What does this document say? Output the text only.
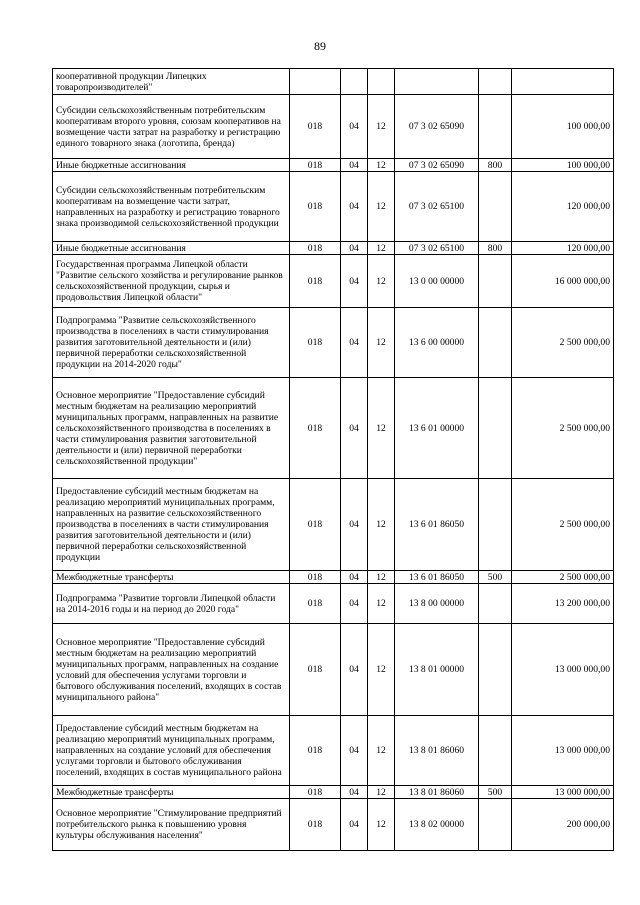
89
кооперативной продукции Липецких товаропроизводителей"						
Субсидии сельскохозяйственным потребительским кооперативам второго уровня, союзам кооперативов на возмещение части затрат на разработку и регистрацию единого товарного знака (логотипа, бренда)	018	04	12	07 3 02 65090		100 000,00
Иные бюджетные ассигнования	018	04	12	07 3 02 65090	800	100 000,00
Субсидии сельскохозяйственным потребительским кооперативам на возмещение части затрат, направленных на разработку и регистрацию товарного знака производимой сельскохозяйственной продукции	018	04	12	07 3 02 65100		120 000,00
Иные бюджетные ассигнования	018	04	12	07 3 02 65100	800	120 000,00
Государственная программа Липецкой области "Развитие сельского хозяйства и регулирование рынков сельскохозяйственной продукции, сырья и продовольствия Липецкой области"	018	04	12	13 0 00 00000		16 000 000,00
Подпрограмма "Развитие сельскохозяйственного производства в поселениях в части стимулирования развития заготовительной деятельности и (или) первичной переработки сельскохозяйственной продукции на 2014-2020 годы"	018	04	12	13 6 00 00000		2 500 000,00
Основное мероприятие "Предоставление субсидий местным бюджетам на реализацию мероприятий муниципальных программ, направленных на развитие сельскохозяйственного производства в поселениях в части стимулирования развития заготовительной деятельности и (или) первичной переработки сельскохозяйственной продукции"	018	04	12	13 6 01 00000		2 500 000,00
Предоставление субсидий местным бюджетам на реализацию мероприятий муниципальных программ, направленных на развитие сельскохозяйственного производства в поселениях в части стимулирования развития заготовительной деятельности и (или) первичной переработки сельскохозяйственной продукции	018	04	12	13 6 01 86050		2 500 000,00
Межбюджетные трансферты	018	04	12	13 6 01 86050	500	2 500 000,00
Подпрограмма "Развитие торговли Липецкой области на 2014-2016 годы и на период до 2020 года"	018	04	12	13 8 00 00000		13 200 000,00
Основное мероприятие "Предоставление субсидий местным бюджетам на реализацию мероприятий муниципальных программ, направленных на создание условий для обеспечения услугами торговли и бытового обслуживания поселений, входящих в состав муниципального района"	018	04	12	13 8 01 00000		13 000 000,00
Предоставление субсидий местным бюджетам на реализацию мероприятий муниципальных программ, направленных на создание условий для обеспечения услугами торговли и бытового обслуживания поселений, входящих в состав муниципального района	018	04	12	13 8 01 86060		13 000 000,00
Межбюджетные трансферты	018	04	12	13 8 01 86060	500	13 000 000,00
Основное мероприятие "Стимулирование предприятий потребительского рынка к повышению уровня культуры обслуживания населения"	018	04	12	13 8 02 00000		200 000,00
